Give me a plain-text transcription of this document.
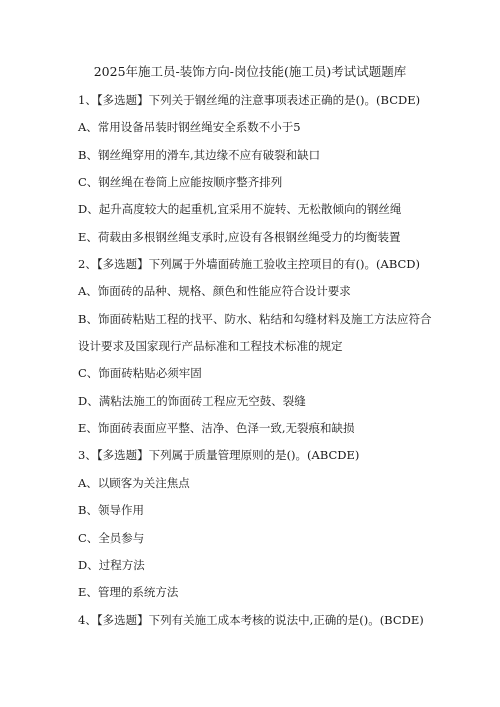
2025年施工员-装饰方向-岗位技能(施工员)考试试题题库
1、【多选题】下列关于钢丝绳的注意事项表述正确的是()。(BCDE)
A、常用设备吊装时钢丝绳安全系数不小于5
B、钢丝绳穿用的滑车,其边缘不应有破裂和缺口
C、钢丝绳在卷筒上应能按顺序整齐排列
D、起升高度较大的起重机,宜采用不旋转、无松散倾向的钢丝绳
E、荷载由多根钢丝绳支承时,应设有各根钢丝绳受力的均衡装置
2、【多选题】下列属于外墙面砖施工验收主控项目的有()。(ABCD)
A、饰面砖的品种、规格、颜色和性能应符合设计要求
B、饰面砖粘贴工程的找平、防水、粘结和勾缝材料及施工方法应符合
设计要求及国家现行产品标准和工程技术标准的规定
C、饰面砖粘贴必须牢固
D、满粘法施工的饰面砖工程应无空鼓、裂缝
E、饰面砖表面应平整、洁净、色泽一致,无裂痕和缺损
3、【多选题】下列属于质量管理原则的是()。(ABCDE)
A、以顾客为关注焦点
B、领导作用
C、全员参与
D、过程方法
E、管理的系统方法
4、【多选题】下列有关施工成本考核的说法中,正确的是()。(BCDE)
